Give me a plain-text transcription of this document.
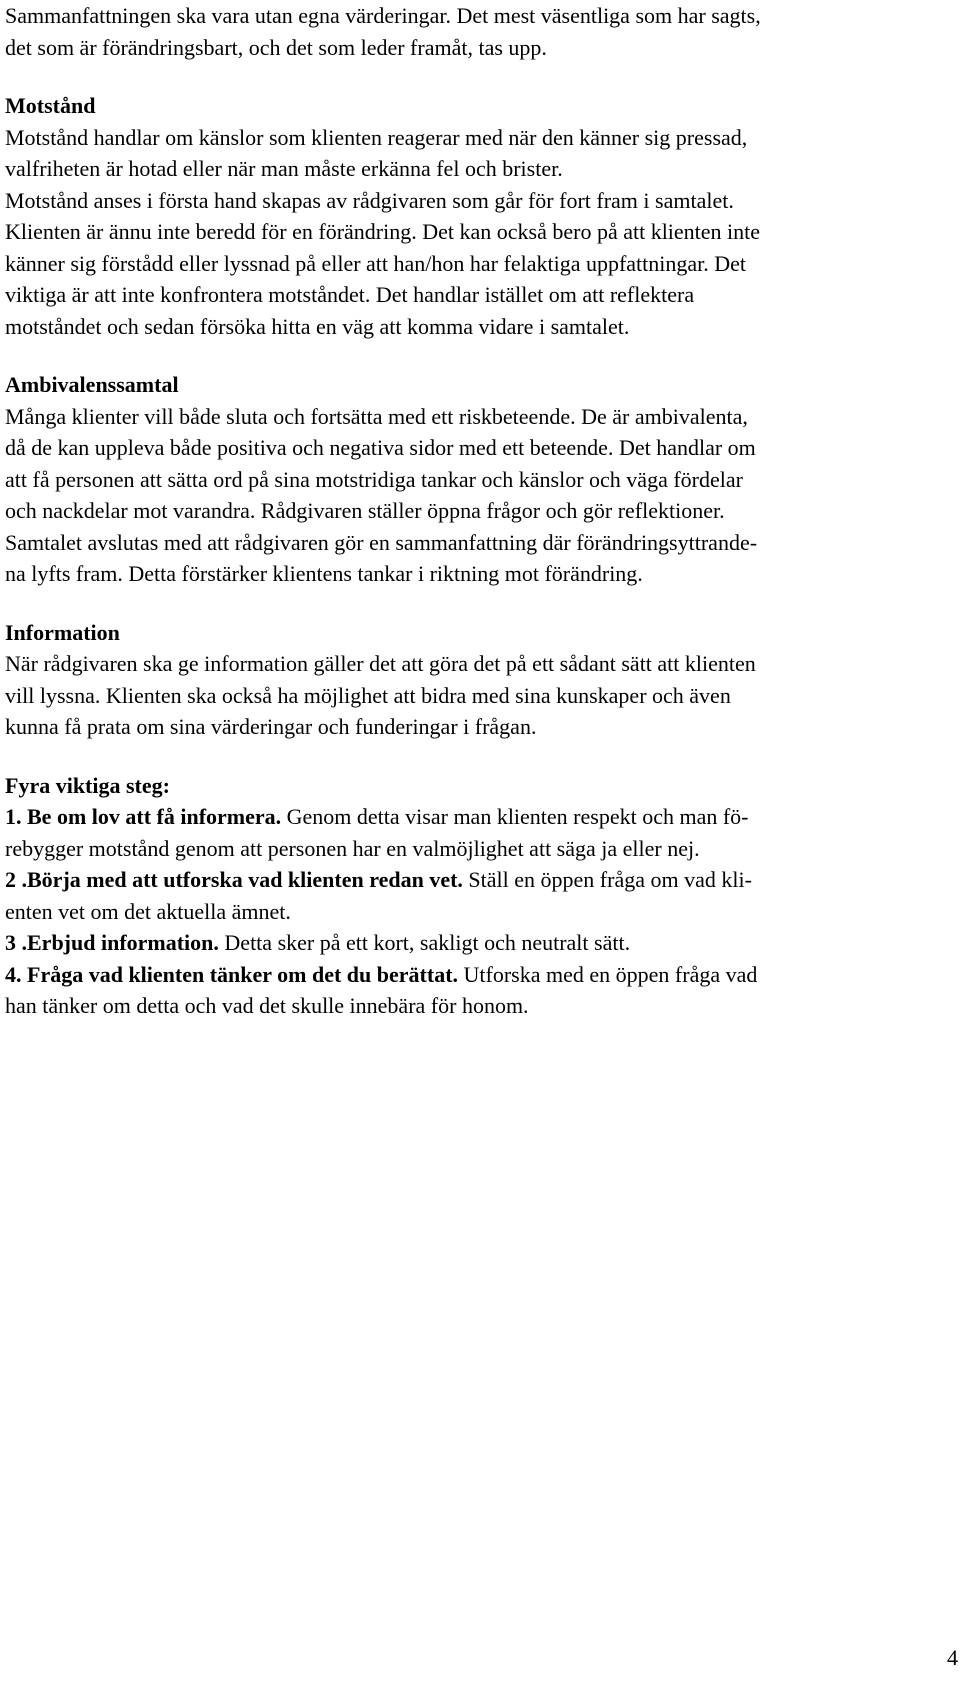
Sammanfattningen ska vara utan egna värderingar. Det mest väsentliga som har sagts,
det som är förändringsbart, och det som leder framåt, tas upp.

Motstånd
Motstånd handlar om känslor som klienten reagerar med när den känner sig pressad,
valfriheten är hotad eller när man måste erkänna fel och brister.
Motstånd anses i första hand skapas av rådgivaren som går för fort fram i samtalet.
Klienten är ännu inte beredd för en förändring. Det kan också bero på att klienten inte
känner sig förstådd eller lyssnad på eller att han/hon har felaktiga uppfattningar. Det
viktiga är att inte konfrontera motståndet. Det handlar istället om att reflektera
motståndet och sedan försöka hitta en väg att komma vidare i samtalet.
Ambivalenssamtal
Många klienter vill både sluta och fortsätta med ett riskbeteende. De är ambivalenta,
då de kan uppleva både positiva och negativa sidor med ett beteende. Det handlar om
att få personen att sätta ord på sina motstridiga tankar och känslor och väga fördelar
och nackdelar mot varandra. Rådgivaren ställer öppna frågor och gör reflektioner.
Samtalet avslutas med att rådgivaren gör en sammanfattning där förändringsyttrande-
na lyfts fram. Detta förstärker klientens tankar i riktning mot förändring.
Information
När rådgivaren ska ge information gäller det att göra det på ett sådant sätt att klienten
vill lyssna. Klienten ska också ha möjlighet att bidra med sina kunskaper och även
kunna få prata om sina värderingar och funderingar i frågan.
Fyra viktiga steg:
1. Be om lov att få informera. Genom detta visar man klienten respekt och man fö-
rebygger motstånd genom att personen har en valmöjlighet att säga ja eller nej.
2 .Börja med att utforska vad klienten redan vet. Ställ en öppen fråga om vad kli-
enten vet om det aktuella ämnet.
3 .Erbjud information. Detta sker på ett kort, sakligt och neutralt sätt.
4. Fråga vad klienten tänker om det du berättat. Utforska med en öppen fråga vad
han tänker om detta och vad det skulle innebära för honom.
4
